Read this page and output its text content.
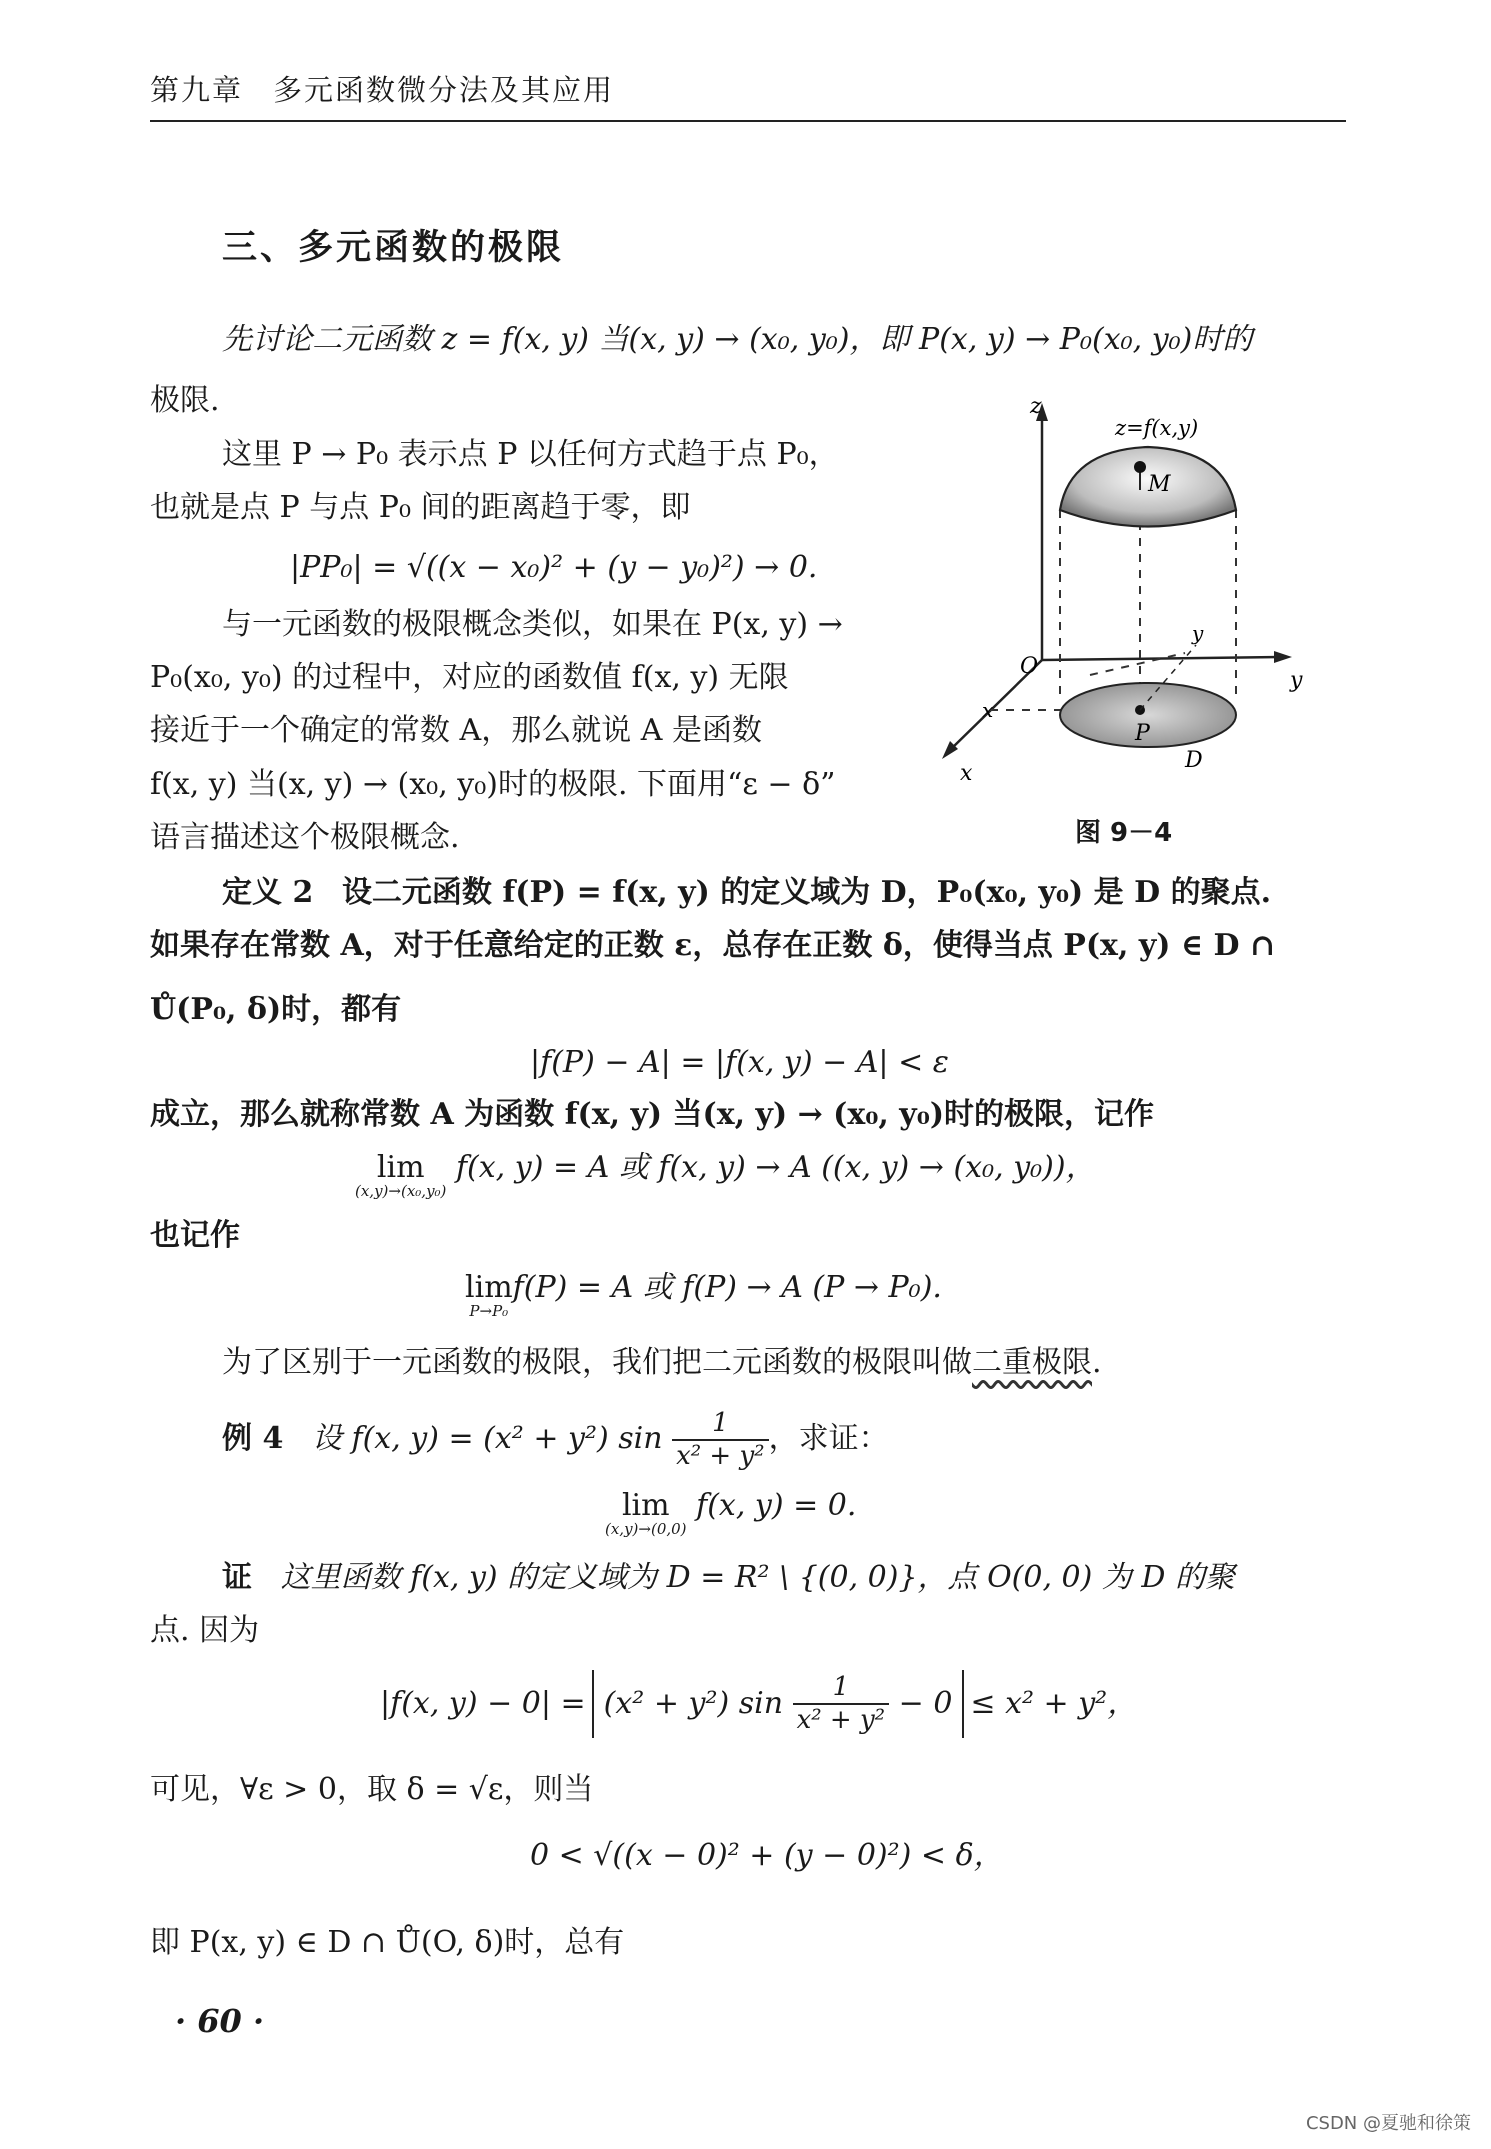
第九章 多元函数微分法及其应用
三、多元函数的极限
先讨论二元函数 z = f(x, y) 当(x, y) → (x₀, y₀)，即 P(x, y) → P₀(x₀, y₀)时的
极限.
这里 P → P₀ 表示点 P 以任何方式趋于点 P₀，
也就是点 P 与点 P₀ 间的距离趋于零，即
|PP₀| = √((x − x₀)² + (y − y₀)²) → 0.
与一元函数的极限概念类似，如果在 P(x, y) →
P₀(x₀, y₀) 的过程中，对应的函数值 f(x, y) 无限
接近于一个确定的常数 A，那么就说 A 是函数
f(x, y) 当(x, y) → (x₀, y₀)时的极限. 下面用“ε − δ”
语言描述这个极限概念.
z
z=f(x,y)
M
O
y
y
x
x
P
D
图 9－4
定义 2 设二元函数 f(P) = f(x, y) 的定义域为 D，P₀(x₀, y₀) 是 D 的聚点.
如果存在常数 A，对于任意给定的正数 ε，总存在正数 δ，使得当点 P(x, y) ∈ D ∩
Ů(P₀, δ)时，都有
|f(P) − A| = |f(x, y) − A| < ε
成立，那么就称常数 A 为函数 f(x, y) 当(x, y) → (x₀, y₀)时的极限，记作
lim
(x,y)→(x₀,y₀)
f(x, y) = A 或 f(x, y) → A ((x, y) → (x₀, y₀))，
也记作
lim
P→P₀
f(P) = A 或 f(P) → A (P → P₀).
为了区别于一元函数的极限，我们把二元函数的极限叫做二重极限.
例 4 设 f(x, y) = (x² + y²) $\sin \frac{1}{\text{x² + y²}}$ ，求证：
lim
(x,y)→(0,0)
f(x, y) = 0.
证 这里函数 f(x, y) 的定义域为 D = R² \ {(0, 0)}，点 O(0, 0) 为 D 的聚
点. 因为
|f(x, y) − 0| = (x² + y²) sin
$\frac{1}{\text{x² + y²}}$
− 0 ≤ x² + y²，
可见，∀ε > 0，取 δ = √ε，则当
0 < √((x − 0)² + (y − 0)²) < δ，
即 P(x, y) ∈ D ∩ Ů(O, δ)时，总有
· 60 ·
CSDN @夏驰和徐策
